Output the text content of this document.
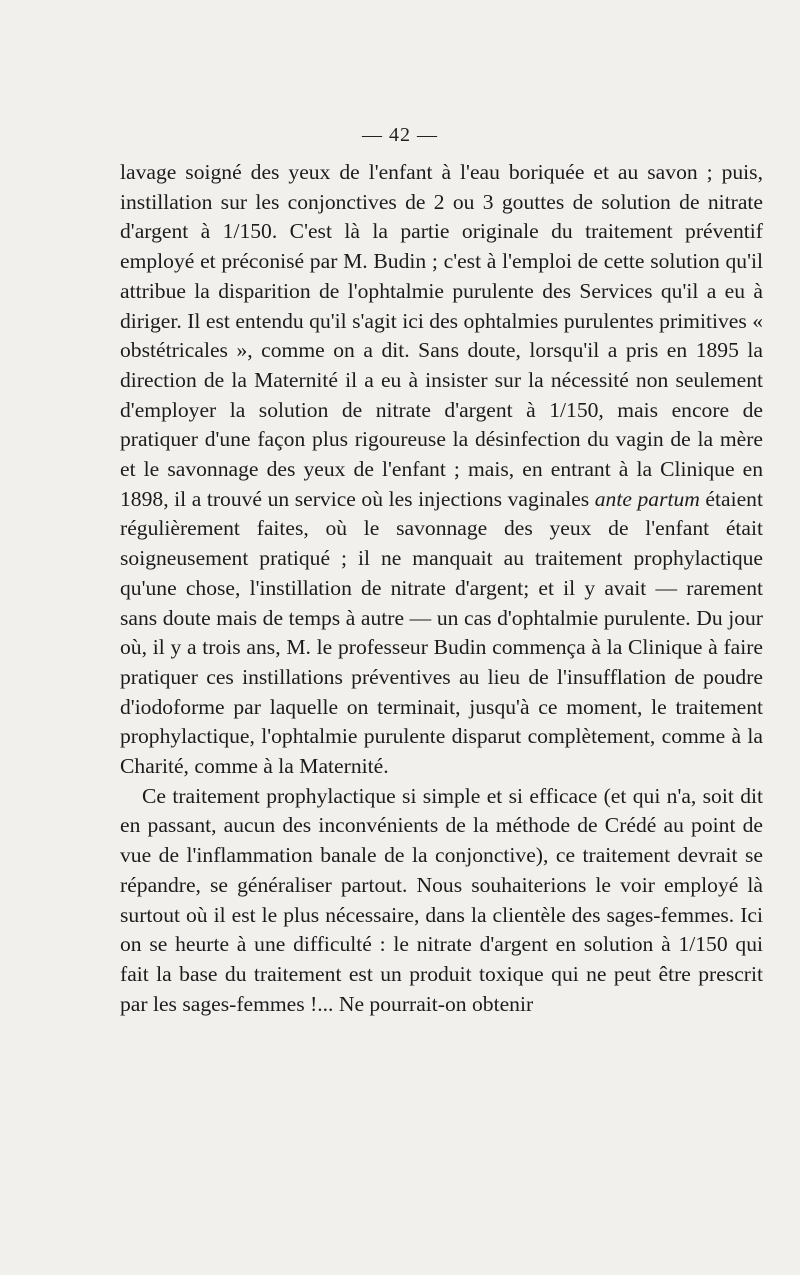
— 42 —

lavage soigné des yeux de l'enfant à l'eau boriquée et au savon ; puis, instillation sur les conjonctives de 2 ou 3 gouttes de solution de nitrate d'argent à 1/150. C'est là la partie originale du traitement préventif employé et préconisé par M. Budin ; c'est à l'emploi de cette solution qu'il attribue la disparition de l'ophtalmie purulente des Services qu'il a eu à diriger. Il est entendu qu'il s'agit ici des ophtalmies purulentes primitives « obstétricales », comme on a dit. Sans doute, lorsqu'il a pris en 1895 la direction de la Maternité il a eu à insister sur la nécessité non seulement d'employer la solution de nitrate d'argent à 1/150, mais encore de pratiquer d'une façon plus rigoureuse la désinfection du vagin de la mère et le savonnage des yeux de l'enfant ; mais, en entrant à la Clinique en 1898, il a trouvé un service où les injections vaginales ante partum étaient régulièrement faites, où le savonnage des yeux de l'enfant était soigneusement pratiqué ; il ne manquait au traitement prophylactique qu'une chose, l'instillation de nitrate d'argent; et il y avait — rarement sans doute mais de temps à autre — un cas d'ophtalmie purulente. Du jour où, il y a trois ans, M. le professeur Budin commença à la Clinique à faire pratiquer ces instillations préventives au lieu de l'insufflation de poudre d'iodoforme par laquelle on terminait, jusqu'à ce moment, le traitement prophylactique, l'ophtalmie purulente disparut complètement, comme à la Charité, comme à la Maternité.

Ce traitement prophylactique si simple et si efficace (et qui n'a, soit dit en passant, aucun des inconvénients de la méthode de Crédé au point de vue de l'inflammation banale de la conjonctive), ce traitement devrait se répandre, se généraliser partout. Nous souhaiterions le voir employé là surtout où il est le plus nécessaire, dans la clientèle des sages-femmes. Ici on se heurte à une difficulté : le nitrate d'argent en solution à 1/150 qui fait la base du traitement est un produit toxique qui ne peut être prescrit par les sages-femmes !... Ne pourrait-on obtenir
